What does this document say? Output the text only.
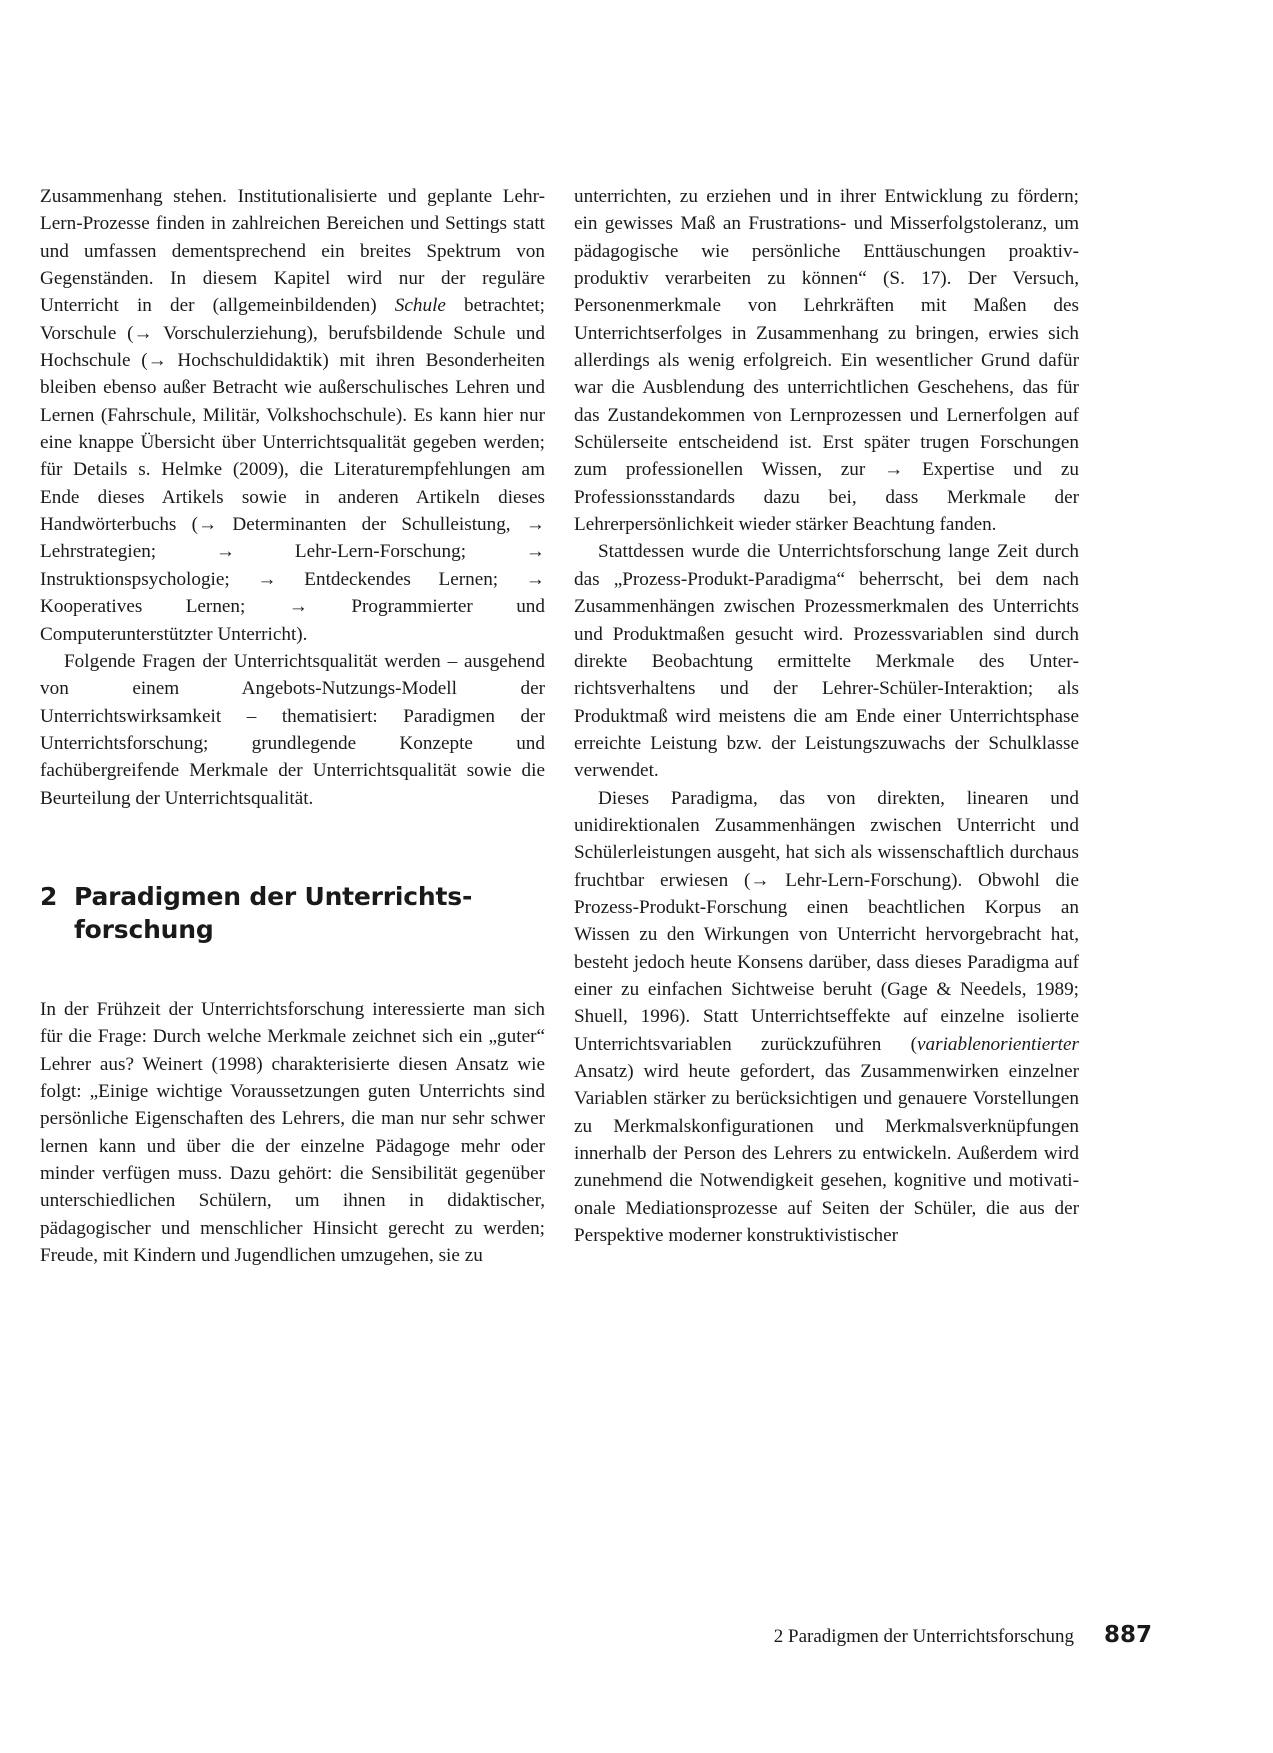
Zusammenhang stehen. Institutionalisierte und geplante Lehr-Lern-Prozesse finden in zahlreichen Bereichen und Settings statt und umfassen dementsprechend ein breites Spektrum von Gegenständen. In diesem Kapitel wird nur der reguläre Unterricht in der (allgemeinbildenden) Schule betrachtet; Vorschule (→ Vorschulerziehung), berufsbildende Schule und Hochschule (→ Hochschuldidaktik) mit ihren Besonderheiten bleiben ebenso außer Betracht wie außerschulisches Lehren und Lernen (Fahrschule, Militär, Volkshochschule). Es kann hier nur eine knappe Übersicht über Unterrichtsqualität gegeben werden; für Details s. Helmke (2009), die Literaturempfehlungen am Ende dieses Artikels sowie in anderen Artikeln dieses Handwörterbuchs (→ Determinanten der Schulleistung, → Lehrstrategien; → Lehr-Lern-Forschung; → Instruktionspsychologie; → Entdeckendes Lernen; → Kooperatives Lernen; → Programmierter und Computerunterstützter Unterricht).

Folgende Fragen der Unterrichtsqualität werden – ausgehend von einem Angebots-Nutzungs-Modell der Unterrichtswirksamkeit – thematisiert: Paradigmen der Unterrichtsforschung; grundlegende Konzepte und fachübergreifende Merkmale der Unterrichtsqualität sowie die Beurteilung der Unterrichtsqualität.

2 Paradigmen der Unterrichtsforschung

In der Frühzeit der Unterrichtsforschung interessierte man sich für die Frage: Durch welche Merkmale zeichnet sich ein „guter“ Lehrer aus? Weinert (1998) charakterisierte diesen Ansatz wie folgt: „Einige wichtige Voraussetzungen guten Unterrichts sind persönliche Eigenschaften des Lehrers, die man nur sehr schwer lernen kann und über die der einzelne Pädagoge mehr oder minder verfügen muss. Dazu gehört: die Sensibilität gegenüber unterschiedlichen Schülern, um ihnen in didaktischer, pädagogischer und menschlicher Hinsicht gerecht zu werden; Freude, mit Kindern und Jugendlichen umzugehen, sie zu

unterrichten, zu erziehen und in ihrer Entwicklung zu fördern; ein gewisses Maß an Frustrations- und Misserfolgstoleranz, um pädagogische wie persönliche Enttäuschungen proaktiv-produktiv verarbeiten zu können“ (S. 17). Der Versuch, Personenmerkmale von Lehrkräften mit Maßen des Unterrichtserfolges in Zusammenhang zu bringen, erwies sich allerdings als wenig erfolgreich. Ein wesentlicher Grund dafür war die Ausblendung des unterrichtlichen Geschehens, das für das Zustandekommen von Lernprozessen und Lernerfolgen auf Schülerseite entscheidend ist. Erst später trugen Forschungen zum professionellen Wissen, zur → Expertise und zu Professionsstandards dazu bei, dass Merkmale der Lehrerpersönlichkeit wieder stärker Beachtung fanden.

Stattdessen wurde die Unterrichtsforschung lange Zeit durch das „Prozess-Produkt-Paradigma“ beherrscht, bei dem nach Zusammenhängen zwischen Prozessmerkmalen des Unterrichts und Produktmaßen gesucht wird. Prozessvariablen sind durch direkte Beobachtung ermittelte Merkmale des Unterrichtsverhaltens und der Lehrer-Schüler-Interaktion; als Produktmaß wird meistens die am Ende einer Unterrichtsphase erreichte Leistung bzw. der Leistungszuwachs der Schulklasse verwendet.

Dieses Paradigma, das von direkten, linearen und unidirektionalen Zusammenhängen zwischen Unterricht und Schülerleistungen ausgeht, hat sich als wissenschaftlich durchaus fruchtbar erwiesen (→ Lehr-Lern-Forschung). Obwohl die Prozess-Produkt-Forschung einen beachtlichen Korpus an Wissen zu den Wirkungen von Unterricht hervorgebracht hat, besteht jedoch heute Konsens darüber, dass dieses Paradigma auf einer zu einfachen Sichtweise beruht (Gage & Needels, 1989; Shuell, 1996). Statt Unterrichtseffekte auf einzelne isolierte Unterrichtsvariablen zurückzuführen (variablenorientierter Ansatz) wird heute gefordert, das Zusammenwirken einzelner Variablen stärker zu berücksichtigen und genauere Vorstellungen zu Merkmalskonfigurationen und Merkmalsverknüpfungen innerhalb der Person des Lehrers zu entwickeln. Außerdem wird zunehmend die Notwendigkeit gesehen, kognitive und motivationale Mediationsprozesse auf Seiten der Schüler, die aus der Perspektive moderner konstruktivistischer

2 Paradigmen der Unterrichtsforschung 887
